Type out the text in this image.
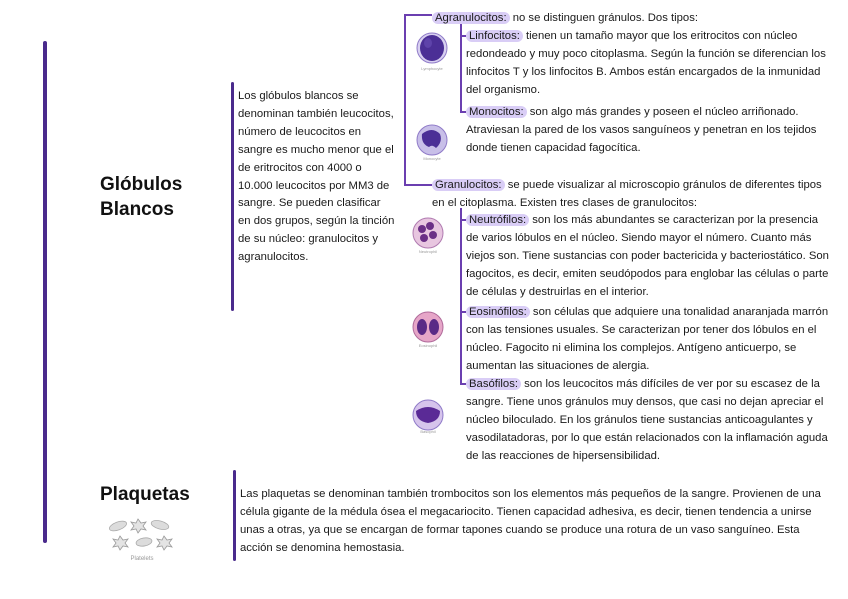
Glóbulos
Blancos
Los glóbulos blancos se denominan también leucocitos, número de leucocitos en sangre es mucho menor que el de eritrocitos con 4000 o 10.000 leucocitos por MM3 de sangre. Se pueden clasificar en dos grupos, según la tinción de su núcleo: granulocitos y agranulocitos.
Agranulocitos: no se distinguen gránulos. Dos tipos:
Linfocitos: tienen un tamaño mayor que los eritrocitos con núcleo redondeado y muy poco citoplasma. Según la función se diferencian los linfocitos T y los linfocitos B. Ambos están encargados de la inmunidad del organismo.
Monocitos: son algo más grandes y poseen el núcleo arriñonado. Atraviesan la pared de los vasos sanguíneos y penetran en los tejidos donde tienen capacidad fagocítica.
Granulocitos: se puede visualizar al microscopio gránulos de diferentes tipos en el citoplasma. Existen tres clases de granulocitos:
Neutrófilos: son los más abundantes se caracterizan por la presencia de varios lóbulos en el núcleo. Siendo mayor el número. Cuanto más viejos son. Tiene sustancias con poder bactericida y bacteriostático. Son fagocitos, es decir, emiten seudópodos para englobar las células o parte de células y destruirlas en el interior.
Eosinófilos: son células que adquiere una tonalidad anaranjada marrón con las tensiones usuales. Se caracterizan por tener dos lóbulos en el núcleo. Fagocito ni elimina los complejos. Antígeno anticuerpo, se aumentan las situaciones de alergia.
Basófilos: son los leucocitos más difíciles de ver por su escasez de la sangre. Tiene unos gránulos muy densos, que casi no dejan apreciar el núcleo biloculado. En los gránulos tiene sustancias anticoagulantes y vasodilatadoras, por lo que están relacionados con la inflamación aguda de las reacciones de hipersensibilidad.
Lymphocyte
Monocyte
Neutrophil
Eosinophil
Basophil
Plaquetas
Platelets
Las plaquetas se denominan también trombocitos son los elementos más pequeños de la sangre. Provienen de una célula gigante de la médula ósea el megacariocito. Tienen capacidad adhesiva, es decir, tienen tendencia a unirse unas a otras, ya que se encargan de formar tapones cuando se produce una rotura de un vaso sanguíneo. Esta acción se denomina hemostasia.
